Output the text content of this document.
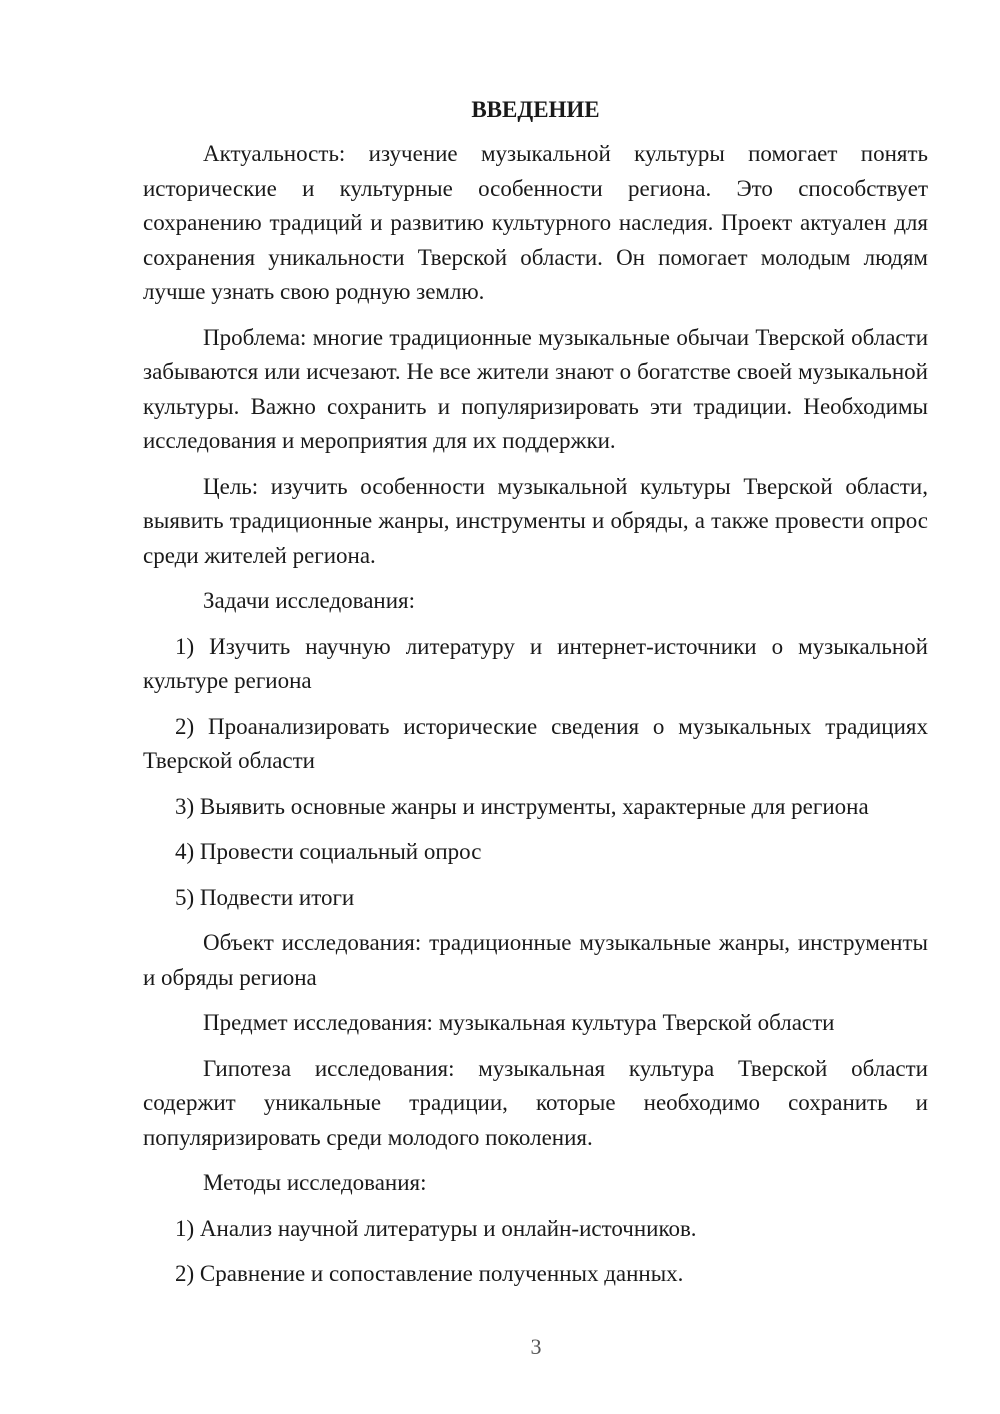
ВВЕДЕНИЕ

Актуальность: изучение музыкальной культуры помогает понять исторические и культурные особенности региона. Это способствует сохранению традиций и развитию культурного наследия. Проект актуален для сохранения уникальности Тверской области. Он помогает молодым людям лучше узнать свою родную землю.

Проблема: многие традиционные музыкальные обычаи Тверской области забываются или исчезают. Не все жители знают о богатстве своей музыкальной культуры. Важно сохранить и популяризировать эти традиции. Необходимы исследования и мероприятия для их поддержки.

Цель: изучить особенности музыкальной культуры Тверской области, выявить традиционные жанры, инструменты и обряды, а также провести опрос среди жителей региона.

Задачи исследования:

1) Изучить научную литературу и интернет-источники о музыкальной культуре региона

2) Проанализировать исторические сведения о музыкальных традициях Тверской области

3) Выявить основные жанры и инструменты, характерные для региона

4) Провести социальный опрос

5) Подвести итоги

Объект исследования: традиционные музыкальные жанры, инструменты и обряды региона

Предмет исследования: музыкальная культура Тверской области

Гипотеза исследования: музыкальная культура Тверской области содержит уникальные традиции, которые необходимо сохранить и популяризировать среди молодого поколения.

Методы исследования:

1) Анализ научной литературы и онлайн-источников.

2) Сравнение и сопоставление полученных данных.

3
